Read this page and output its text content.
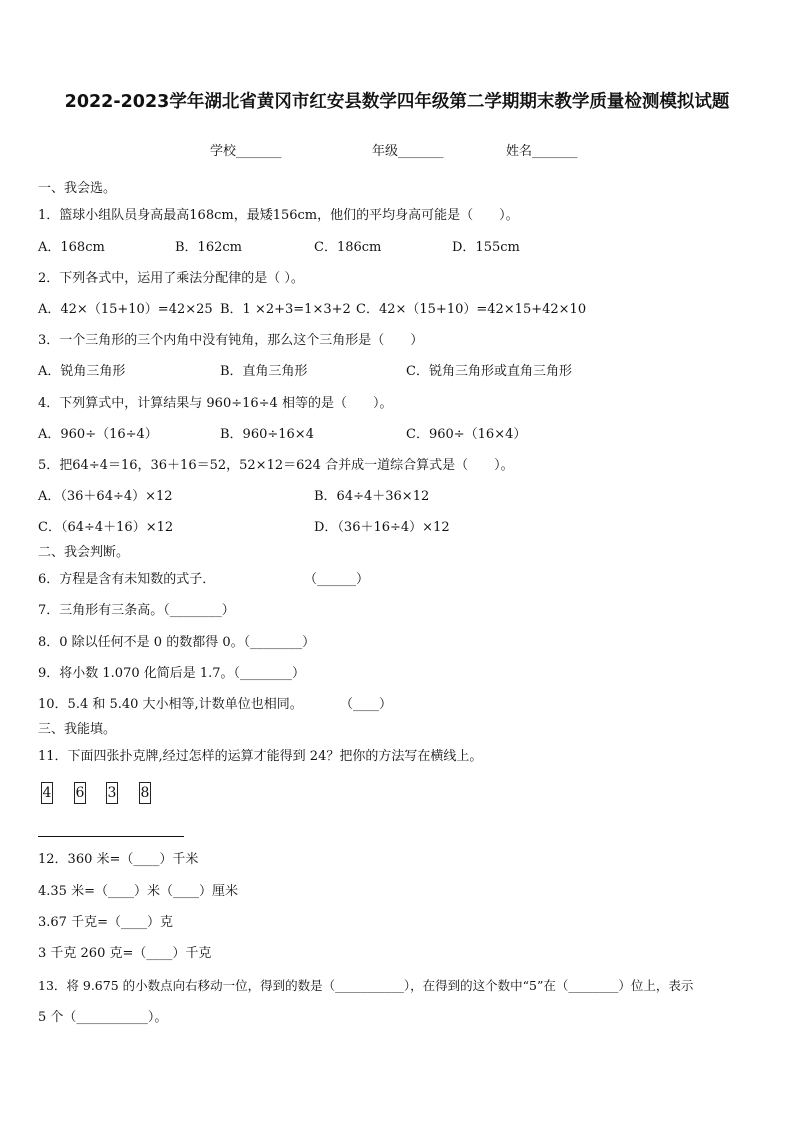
2022-2023学年湖北省黄冈市红安县数学四年级第二学期期末教学质量检测模拟试题
学校_______	年级_______	姓名_______
一、我会选。
1．篮球小组队员身高最高168cm，最矮156cm，他们的平均身高可能是（　　）。
A．168cm	B．162cm	C．186cm	D．155cm
2．下列各式中，运用了乘法分配律的是（ ）。
A．42×（15+10）=42×25 B．1 ×2+3=1×3+2 C．42×（15+10）=42×15+42×10
3．一个三角形的三个内角中没有钝角，那么这个三角形是（　　）
A．锐角三角形	B．直角三角形	C．锐角三角形或直角三角形
4．下列算式中，计算结果与 960÷16÷4 相等的是（　　）。
A．960÷（16÷4）	B．960÷16×4	C．960÷（16×4）
5．把64÷4＝16，36＋16＝52，52×12＝624 合并成一道综合算式是（　　）。
A．（36＋64÷4）×12	B．64÷4＋36×12
C．（64÷4＋16）×12	D．（36＋16÷4）×12
二、我会判断。
6．方程是含有未知数的式子．	（______）
7．三角形有三条高。（________）
8．0 除以任何不是 0 的数都得 0。（________）
9．将小数 1.070 化简后是 1.7。（________）
10．5.4 和 5.40 大小相等,计数单位也相同。	（____）
三、我能填。
11．下面四张扑克牌,经过怎样的运算才能得到 24？把你的方法写在横线上。
4 6 3 8
12．360 米=（____）千米
4.35 米=（____）米（____）厘米
3.67 千克=（____）克
3 千克 260 克=（____）千克
13．将 9.675 的小数点向右移动一位，得到的数是（___________），在得到的这个数中“5”在（________）位上，表示
5 个（___________）。
